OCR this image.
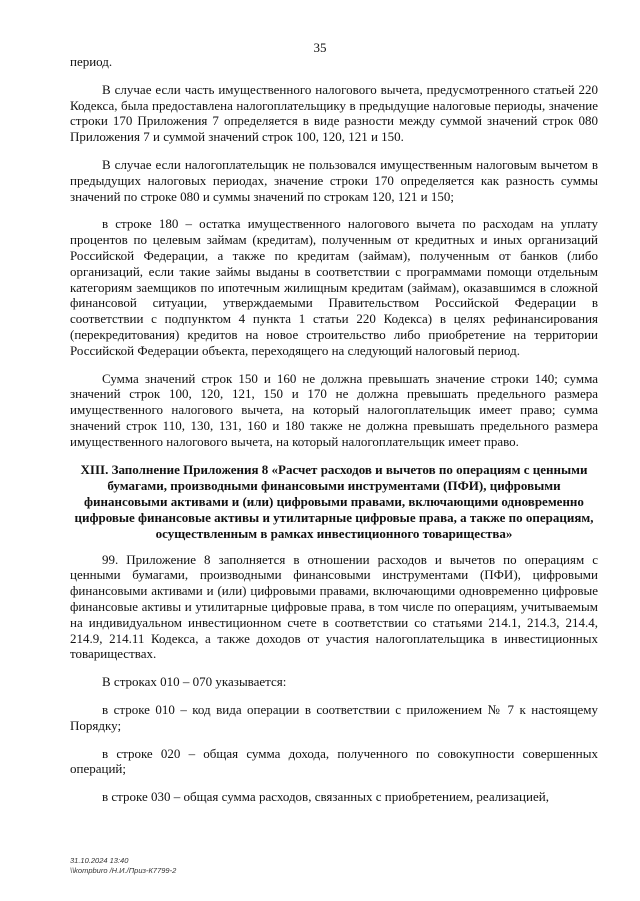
35

период.

В случае если часть имущественного налогового вычета, предусмотренного статьей 220 Кодекса, была предоставлена налогоплательщику в предыдущие налоговые периоды, значение строки 170 Приложения 7 определяется в виде разности между суммой значений строк 080 Приложения 7 и суммой значений строк 100, 120, 121 и 150.

В случае если налогоплательщик не пользовался имущественным налоговым вычетом в предыдущих налоговых периодах, значение строки 170 определяется как разность суммы значений по строке 080 и суммы значений по строкам 120, 121 и 150;

в строке 180 – остатка имущественного налогового вычета по расходам на уплату процентов по целевым займам (кредитам), полученным от кредитных и иных организаций Российской Федерации, а также по кредитам (займам), полученным от банков (либо организаций, если такие займы выданы в соответствии с программами помощи отдельным категориям заемщиков по ипотечным жилищным кредитам (займам), оказавшимся в сложной финансовой ситуации, утверждаемыми Правительством Российской Федерации в соответствии с подпунктом 4 пункта 1 статьи 220 Кодекса) в целях рефинансирования (перекредитования) кредитов на новое строительство либо приобретение на территории Российской Федерации объекта, переходящего на следующий налоговый период.

Сумма значений строк 150 и 160 не должна превышать значение строки 140; сумма значений строк 100, 120, 121, 150 и 170 не должна превышать предельного размера имущественного налогового вычета, на который налогоплательщик имеет право; сумма значений строк 110, 130, 131, 160 и 180 также не должна превышать предельного размера имущественного налогового вычета, на который налогоплательщик имеет право.

XIII. Заполнение Приложения 8 «Расчет расходов и вычетов по операциям с ценными бумагами, производными финансовыми инструментами (ПФИ), цифровыми финансовыми активами и (или) цифровыми правами, включающими одновременно цифровые финансовые активы и утилитарные цифровые права, а также по операциям, осуществленным в рамках инвестиционного товарищества»

99. Приложение 8 заполняется в отношении расходов и вычетов по операциям с ценными бумагами, производными финансовыми инструментами (ПФИ), цифровыми финансовыми активами и (или) цифровыми правами, включающими одновременно цифровые финансовые активы и утилитарные цифровые права, в том числе по операциям, учитываемым на индивидуальном инвестиционном счете в соответствии со статьями 214.1, 214.3, 214.4, 214.9, 214.11 Кодекса, а также доходов от участия налогоплательщика в инвестиционных товариществах.

В строках 010 – 070 указывается:

в строке 010 – код вида операции в соответствии с приложением № 7 к настоящему Порядку;

в строке 020 – общая сумма дохода, полученного по совокупности совершенных операций;

в строке 030 – общая сумма расходов, связанных с приобретением, реализацией,

31.10.2024 13:40
\\kompburo /Н.И./Приз-К7799-2
